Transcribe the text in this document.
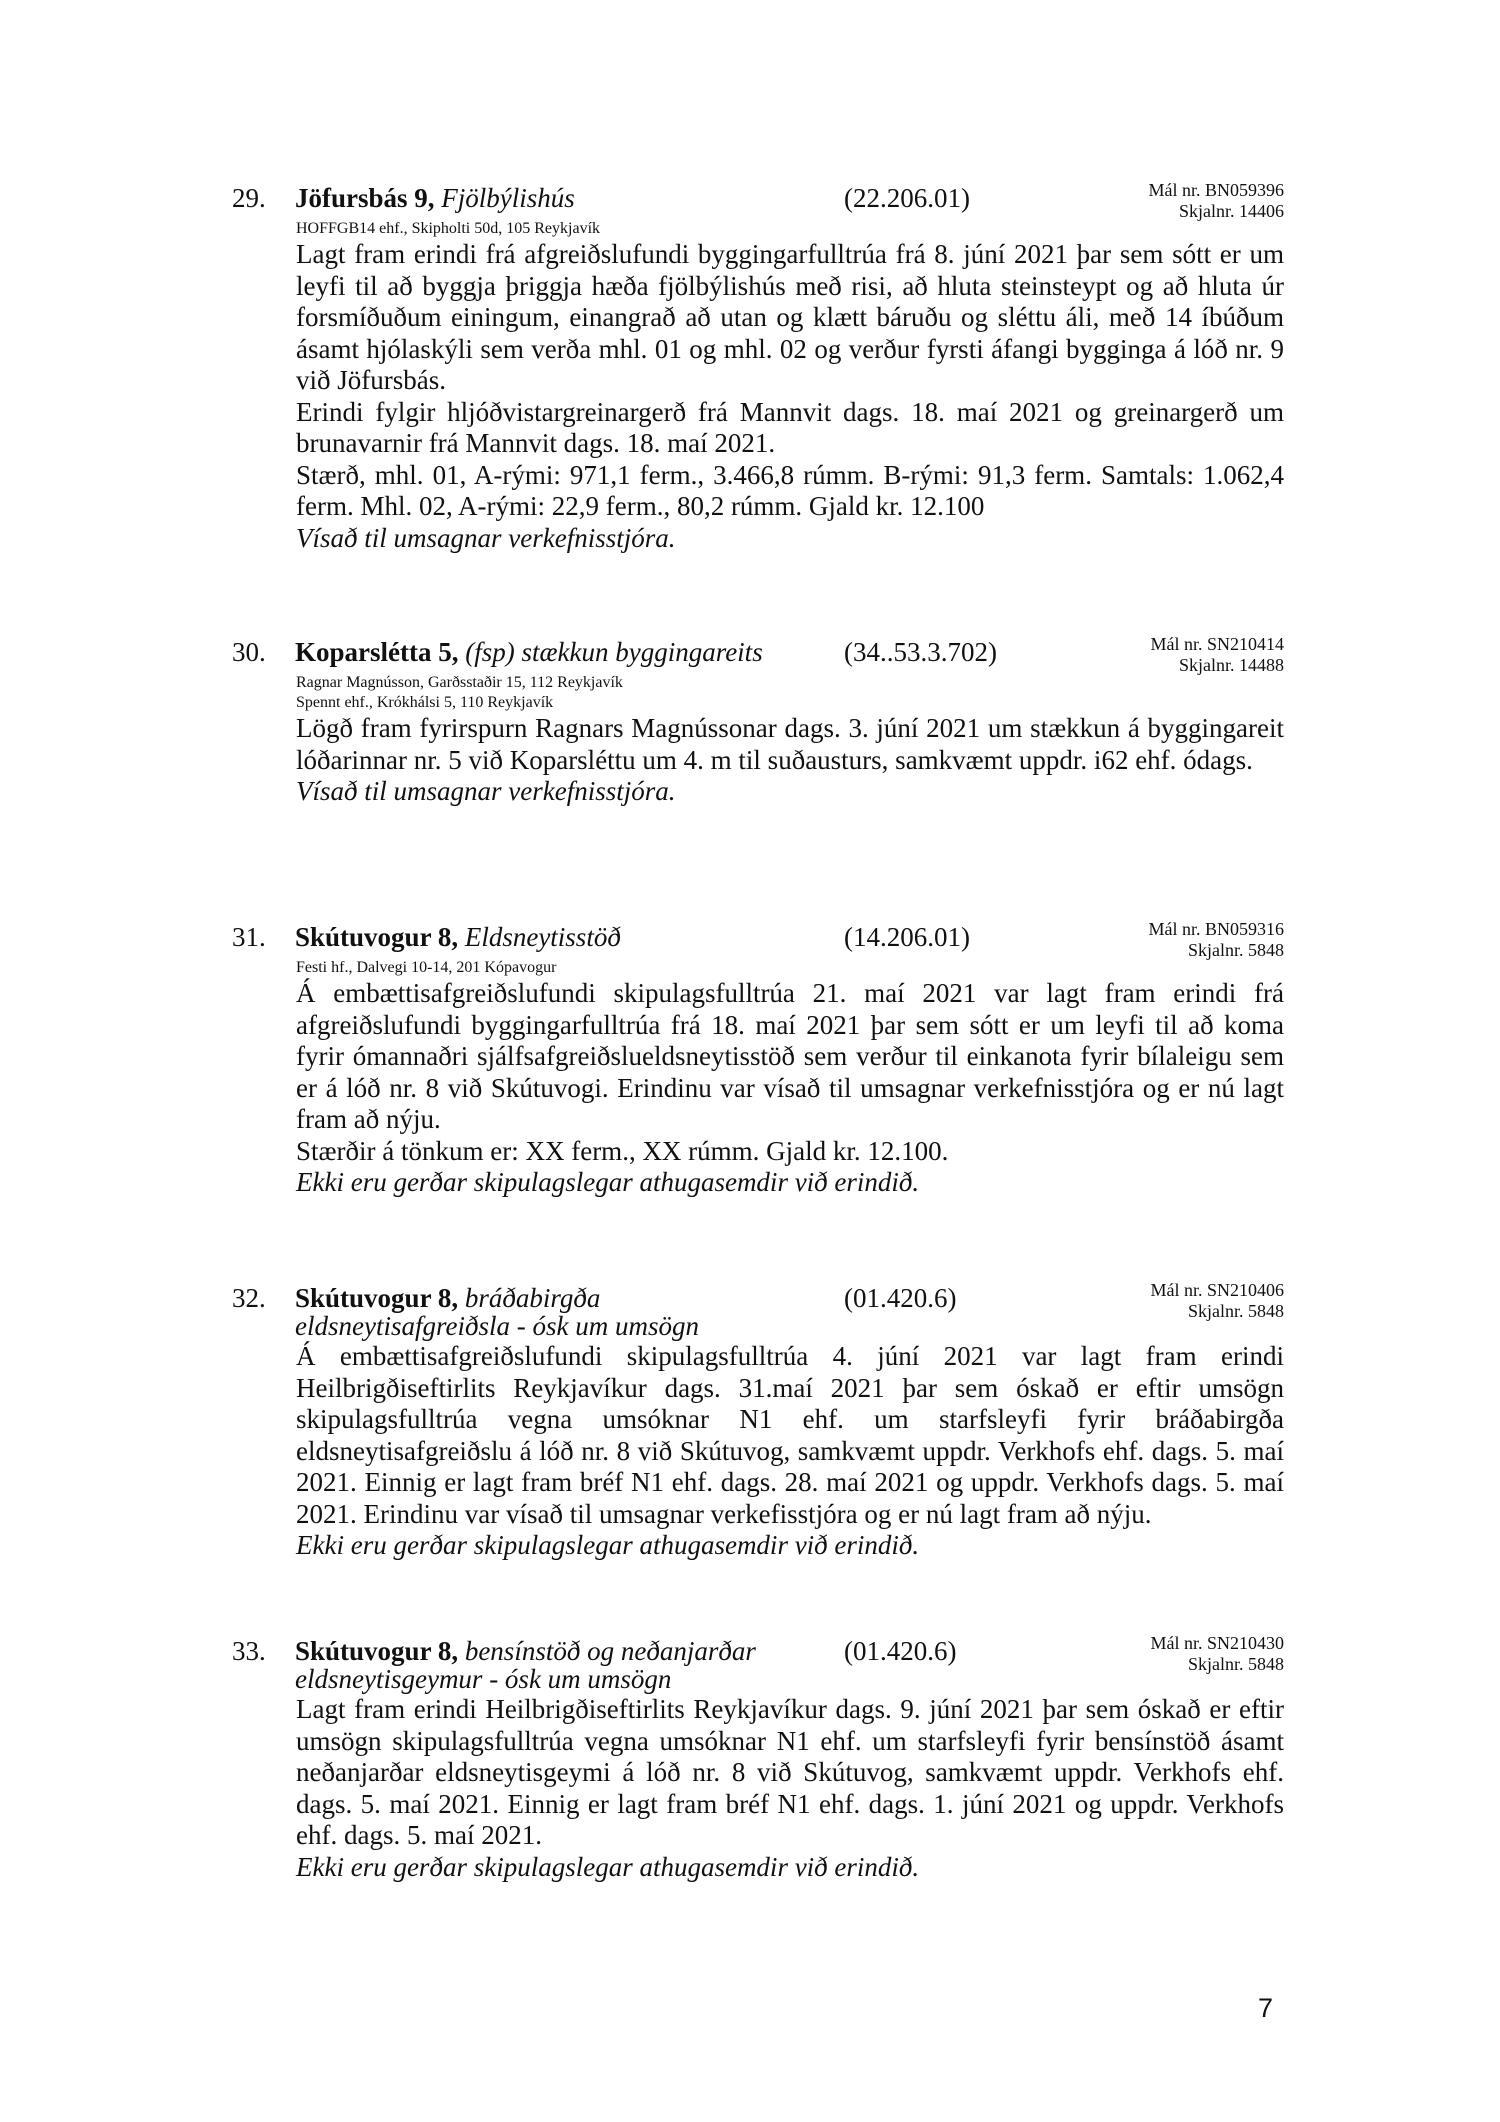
29. Jöfursbás 9, Fjölbýlishús	(22.206.01)	Mál nr. BN059396
Skjalnr. 14406
HOFFGB14 ehf., Skipholti 50d, 105 Reykjavík

Lagt fram erindi frá afgreiðslufundi byggingarfulltrúa frá 8. júní 2021 þar sem sótt er um leyfi til að byggja þriggja hæða fjölbýlishús með risi, að hluta steinsteypt og að hluta úr forsmíðuðum einingum, einangrað að utan og klætt báruðu og sléttu áli, með 14 íbúðum ásamt hjólaskýli sem verða mhl. 01 og mhl. 02 og verður fyrsti áfangi bygginga á lóð nr. 9 við Jöfursbás.

Erindi fylgir hljóðvistargreinargerð frá Mannvit dags. 18. maí 2021 og greinargerð um brunavarnir frá Mannvit dags. 18. maí 2021.

Stærð, mhl. 01, A-rými: 971,1 ferm., 3.466,8 rúmm. B-rými: 91,3 ferm. Samtals: 1.062,4 ferm. Mhl. 02, A-rými: 22,9 ferm., 80,2 rúmm. Gjald kr. 12.100

Vísað til umsagnar verkefnisstjóra.

30. Koparslétta 5, (fsp) stækkun byggingareits	(34..53.3.702)	Mál nr. SN210414
Skjalnr. 14488
Ragnar Magnússon, Garðsstaðir 15, 112 Reykjavík
Spennt ehf., Krókhálsi 5, 110 Reykjavík

Lögð fram fyrirspurn Ragnars Magnússonar dags. 3. júní 2021 um stækkun á byggingareit lóðarinnar nr. 5 við Koparsléttu um 4. m til suðausturs, samkvæmt uppdr. i62 ehf. ódags.

Vísað til umsagnar verkefnisstjóra.

31. Skútuvogur 8, Eldsneytisstöð	(14.206.01)	Mál nr. BN059316
Skjalnr. 5848
Festi hf., Dalvegi 10-14, 201 Kópavogur

Á embættisafgreiðslufundi skipulagsfulltrúa 21. maí 2021 var lagt fram erindi frá afgreiðslufundi byggingarfulltrúa frá 18. maí 2021 þar sem sótt er um leyfi til að koma fyrir ómannaðri sjálfsafgreiðslueldsneytisstöð sem verður til einkanota fyrir bílaleigu sem er á lóð nr. 8 við Skútuvogi. Erindinu var vísað til umsagnar verkefnisstjóra og er nú lagt fram að nýju.

Stærðir á tönkum er: XX ferm., XX rúmm. Gjald kr. 12.100.

Ekki eru gerðar skipulagslegar athugasemdir við erindið.

32. Skútuvogur 8, bráðabirgða	(01.420.6)	Mál nr. SN210406
Skjalnr. 5848
eldsneytisafgreiðsla - ósk um umsögn

Á embættisafgreiðslufundi skipulagsfulltrúa 4. júní 2021 var lagt fram erindi Heilbrigðiseftirlits Reykjavíkur dags. 31.maí 2021 þar sem óskað er eftir umsögn skipulagsfulltrúa vegna umsóknar N1 ehf. um starfsleyfi fyrir bráðabirgða eldsneytisafgreiðslu á lóð nr. 8 við Skútuvog, samkvæmt uppdr. Verkhofs ehf. dags. 5. maí 2021. Einnig er lagt fram bréf N1 ehf. dags. 28. maí 2021 og uppdr. Verkhofs dags. 5. maí 2021. Erindinu var vísað til umsagnar verkefisstjóra og er nú lagt fram að nýju.

Ekki eru gerðar skipulagslegar athugasemdir við erindið.

33. Skútuvogur 8, bensínstöð og neðanjarðar	(01.420.6)	Mál nr. SN210430
Skjalnr. 5848
eldsneytisgeymur - ósk um umsögn

Lagt fram erindi Heilbrigðiseftirlits Reykjavíkur dags. 9. júní 2021 þar sem óskað er eftir umsögn skipulagsfulltrúa vegna umsóknar N1 ehf. um starfsleyfi fyrir bensínstöð ásamt neðanjarðar eldsneytisgeymi á lóð nr. 8 við Skútuvog, samkvæmt uppdr. Verkhofs ehf. dags. 5. maí 2021. Einnig er lagt fram bréf N1 ehf. dags. 1. júní 2021 og uppdr. Verkhofs ehf. dags. 5. maí 2021.

Ekki eru gerðar skipulagslegar athugasemdir við erindið.

7
